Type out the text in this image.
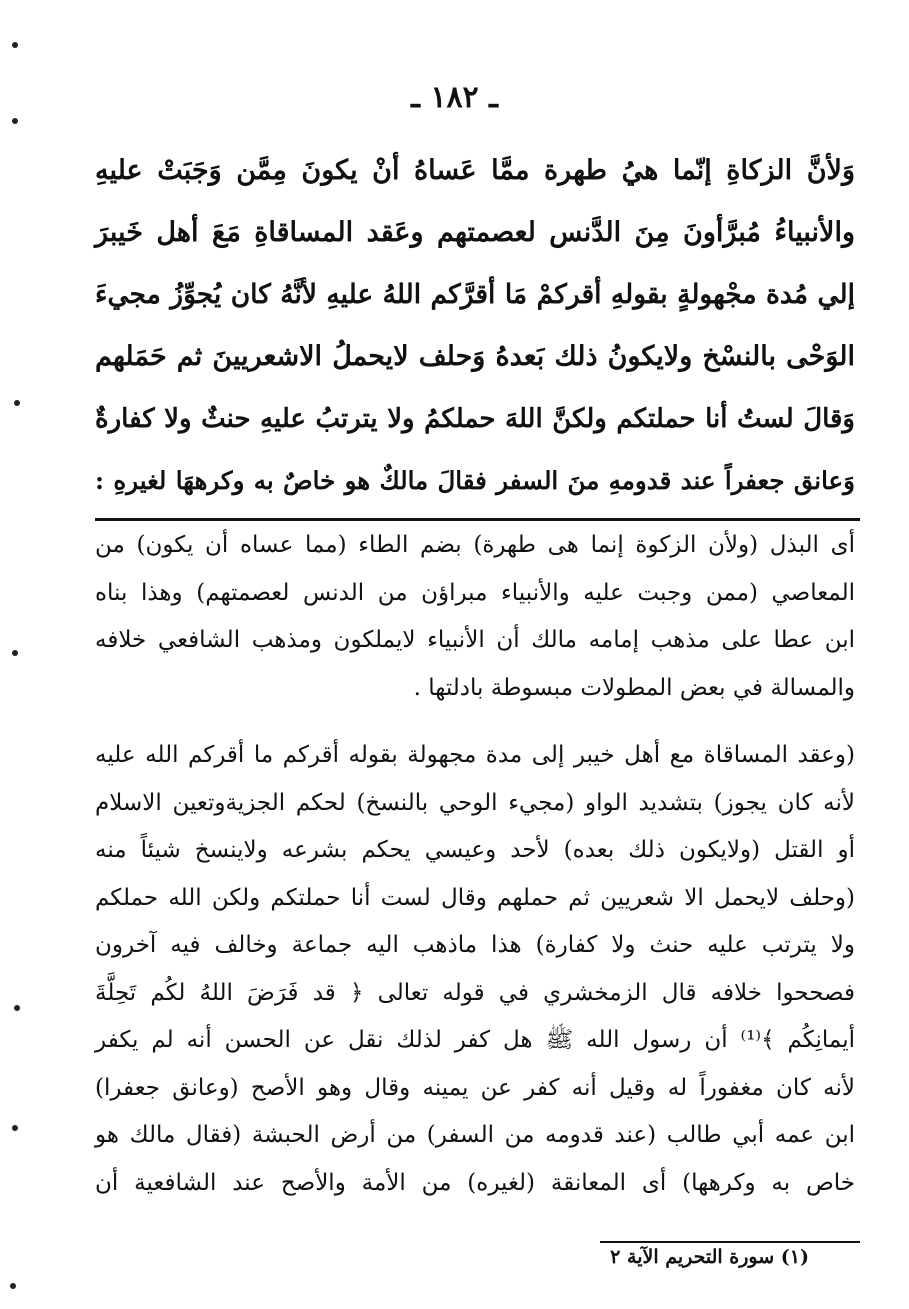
ـ ١٨٢ ـ
وَلأنَّ الزكاةِ إنّما هيُ طهرة ممَّا عَساهُ أنْ يكونَ مِمَّن وَجَبَتْ عليهِ
والأنبياءُ مُبرَّأونَ مِنَ الدَّنس لعصمتهم وعَقد المساقاةِ مَعَ أهل خَيبرَ
إلي مُدة مجْهولةٍ بقولهِ أقركمْ مَا أقرَّكم اللهُ عليهِ لأنَّهُ كان يُجوِّزُ مجيءَ
الوَحْى بالنسْخ ولايكونُ ذلك بَعدهُ وَحلف لايحملُ الاشعريينَ ثم حَمَلهم
وَقالَ لستُ أنا حملتكم ولكنَّ اللهَ حملكمُ ولا يترتبُ عليهِ حنثٌ ولا كفارةٌ
وَعانق جعفراً عند قدومهِ منَ السفر فقالَ مالكٌ هو خاصٌ به وكرههَا لغيرهِ :
أى البذل (ولأن الزكوة إنما هى طهرة) بضم الطاء (مما عساه أن يكون) من
المعاصي (ممن وجبت عليه والأنبياء مبراؤن من الدنس لعصمتهم) وهذا بناه
ابن عطا على مذهب إمامه مالك أن الأنبياء لايملكون ومذهب الشافعي خلافه
والمسالة في بعض المطولات مبسوطة بادلتها .
(وعقد المساقاة مع أهل خيبر إلى مدة مجهولة بقوله أقركم ما أقركم الله عليه
لأنه كان يجوز) بتشديد الواو (مجيء الوحي بالنسخ) لحكم الجزيةوتعين الاسلام
أو القتل (ولايكون ذلك بعده) لأحد وعيسي يحكم بشرعه ولاينسخ شيئاً منه
(وحلف لايحمل الا شعريين ثم حملهم وقال لست أنا حملتكم ولكن الله حملكم
ولا يترتب عليه حنث ولا كفارة) هذا ماذهب اليه جماعة وخالف فيه آخرون
فصححوا خلافه قال الزمخشري في قوله تعالى ﴿ قد فَرَضَ اللهُ لكُم تَحِلَّةَ
أيمانِكُم ﴾⁽¹⁾ أن رسول الله ﷺ هل كفر لذلك نقل عن الحسن أنه لم يكفر
لأنه كان مغفوراً له وقيل أنه كفر عن يمينه وقال وهو الأصح (وعانق جعفرا)
ابن عمه أبي طالب (عند قدومه من السفر) من أرض الحبشة (فقال مالك هو
خاص به وكرهها) أى المعانقة (لغيره) من الأمة والأصح عند الشافعية أن
(١) سورة التحريم الآية ٢
